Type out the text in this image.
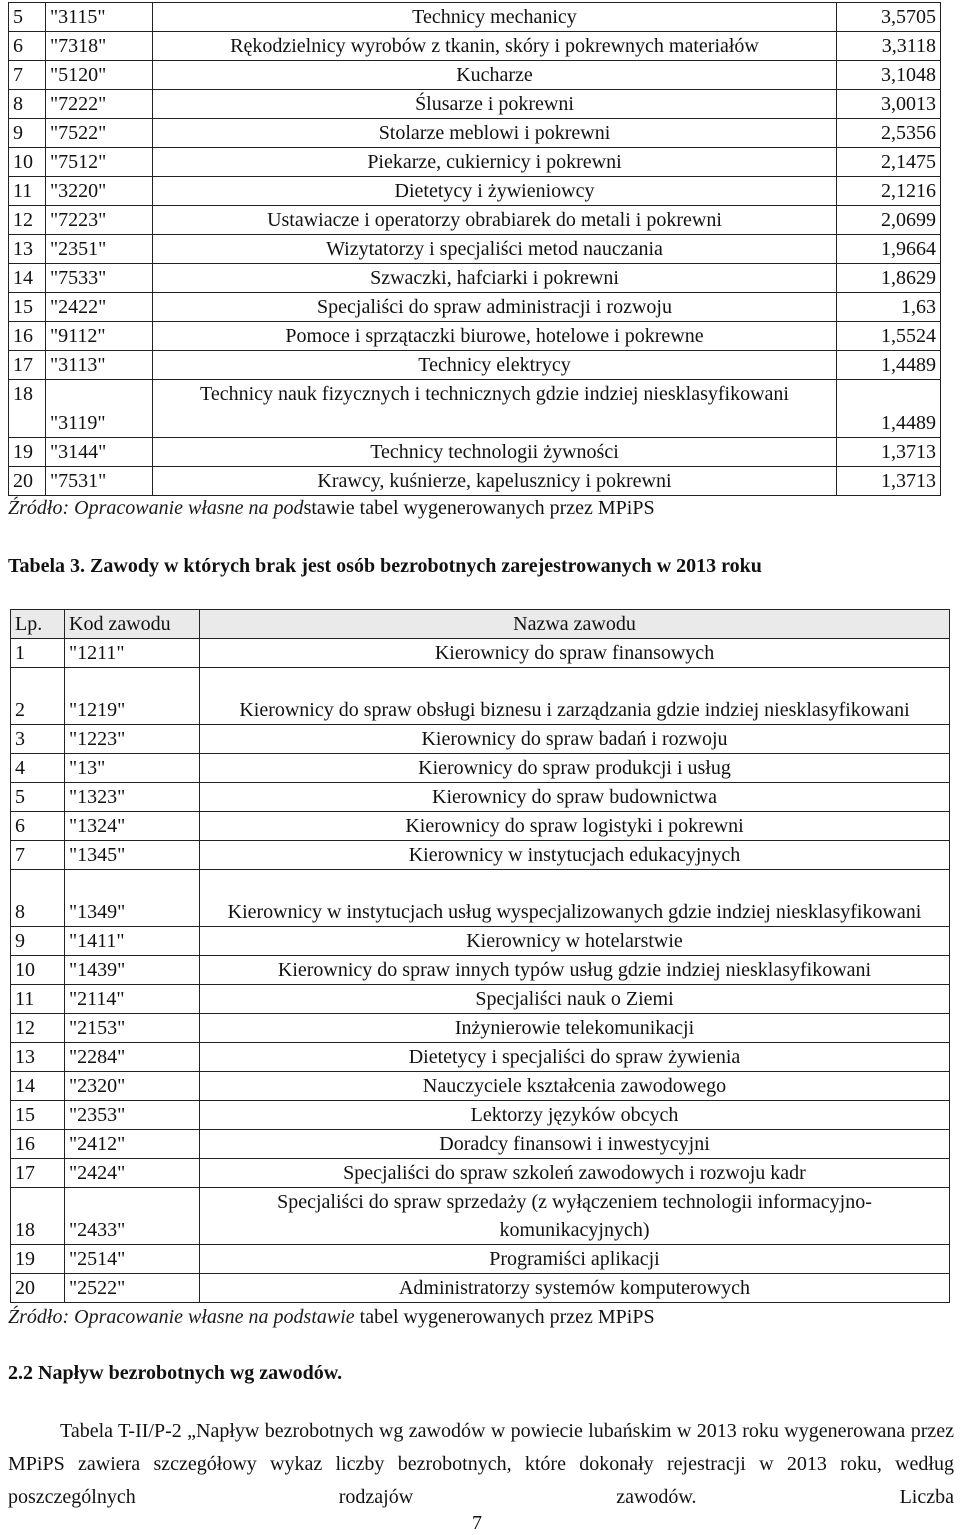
5	"3115"	Technicy mechanicy	3,5705
6	"7318"	Rękodzielnicy wyrobów z tkanin, skóry i pokrewnych materiałów	3,3118
7	"5120"	Kucharze	3,1048
8	"7222"	Ślusarze i pokrewni	3,0013
9	"7522"	Stolarze meblowi i pokrewni	2,5356
10	"7512"	Piekarze, cukiernicy i pokrewni	2,1475
11	"3220"	Dietetycy i żywieniowcy	2,1216
12	"7223"	Ustawiacze i operatorzy obrabiarek do metali i pokrewni	2,0699
13	"2351"	Wizytatorzy i specjaliści metod nauczania	1,9664
14	"7533"	Szwaczki, hafciarki i pokrewni	1,8629
15	"2422"	Specjaliści do spraw administracji i rozwoju	1,63
16	"9112"	Pomoce i sprzątaczki biurowe, hotelowe i pokrewne	1,5524
17	"3113"	Technicy elektrycy	1,4489
18	"3119"	Technicy nauk fizycznych i technicznych gdzie indziej niesklasyfikowani	1,4489
19	"3144"	Technicy technologii żywności	1,3713
20	"7531"	Krawcy, kuśnierze, kapelusznicy i pokrewni	1,3713
Źródło: Opracowanie własne na podstawie tabel wygenerowanych przez MPiPS
Tabela 3. Zawody w których brak jest osób bezrobotnych zarejestrowanych w 2013 roku
Lp.	Kod zawodu	Nazwa zawodu
1	"1211"	Kierownicy do spraw finansowych
2	"1219"	Kierownicy do spraw obsługi biznesu i zarządzania gdzie indziej niesklasyfikowani
3	"1223"	Kierownicy do spraw badań i rozwoju
4	"13"	Kierownicy do spraw produkcji i usług
5	"1323"	Kierownicy do spraw budownictwa
6	"1324"	Kierownicy do spraw logistyki i pokrewni
7	"1345"	Kierownicy w instytucjach edukacyjnych
8	"1349"	Kierownicy w instytucjach usług wyspecjalizowanych gdzie indziej niesklasyfikowani
9	"1411"	Kierownicy w hotelarstwie
10	"1439"	Kierownicy do spraw innych typów usług gdzie indziej niesklasyfikowani
11	"2114"	Specjaliści nauk o Ziemi
12	"2153"	Inżynierowie telekomunikacji
13	"2284"	Dietetycy i specjaliści do spraw żywienia
14	"2320"	Nauczyciele kształcenia zawodowego
15	"2353"	Lektorzy języków obcych
16	"2412"	Doradcy finansowi i inwestycyjni
17	"2424"	Specjaliści do spraw szkoleń zawodowych i rozwoju kadr
18	"2433"	Specjaliści do spraw sprzedaży (z wyłączeniem technologii informacyjno-komunikacyjnych)
19	"2514"	Programiści aplikacji
20	"2522"	Administratorzy systemów komputerowych
Źródło: Opracowanie własne na podstawie tabel wygenerowanych przez MPiPS
2.2 Napływ bezrobotnych wg zawodów.

Tabela T-II/P-2 „Napływ bezrobotnych wg zawodów w powiecie lubańskim w 2013 roku wygenerowana przez MPiPS zawiera szczegółowy wykaz liczby bezrobotnych, które dokonały rejestracji w 2013 roku, według poszczególnych rodzajów zawodów. Liczba

7
